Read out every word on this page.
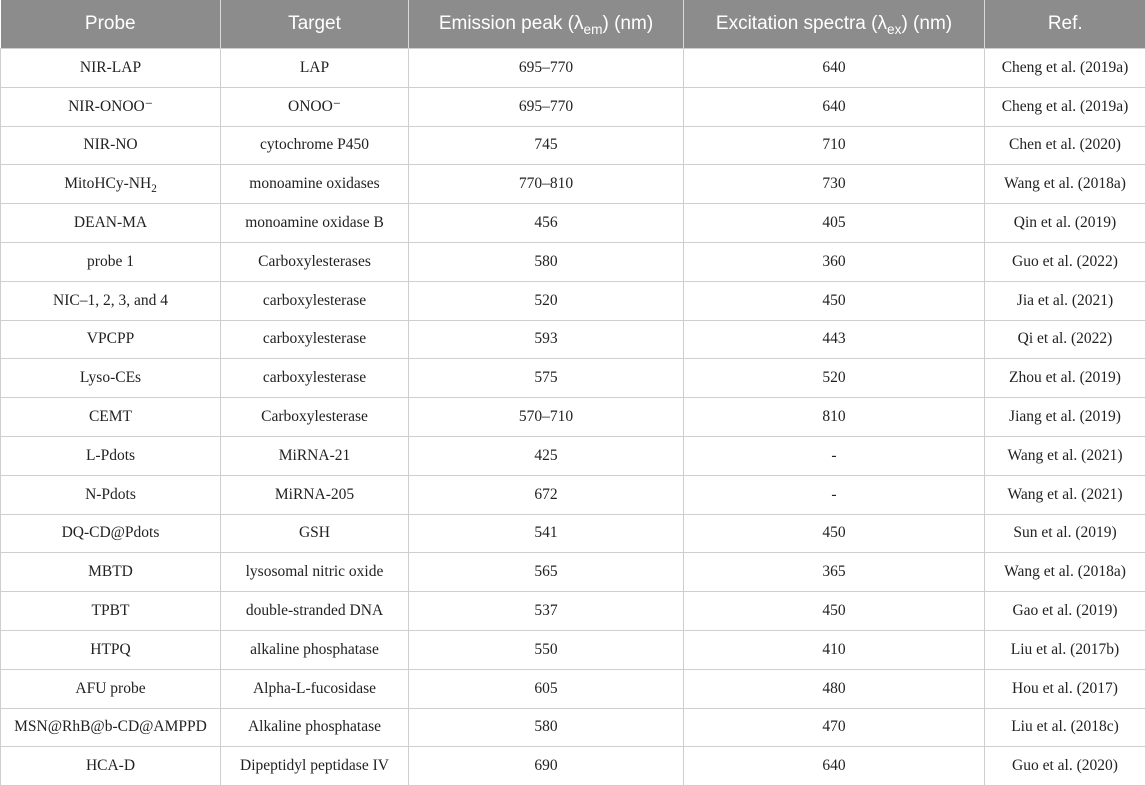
Probe	Target	Emission peak $(\lambda_{em})$ (nm)	Excitation spectra $(\lambda_{ex})$ (nm)	Ref.
NIR-LAP	LAP	695–770	640	Cheng et al. (2019a)
NIR-ONOO⁻	ONOO⁻	695–770	640	Cheng et al. (2019a)
NIR-NO	cytochrome P450	745	710	Chen et al. (2020)
MitoHCy-$NH_2$	monoamine oxidases	770–810	730	Wang et al. (2018a)
DEAN-MA	monoamine oxidase B	456	405	Qin et al. (2019)
probe 1	Carboxylesterases	580	360	Guo et al. (2022)
NIC–1, 2, 3, and 4	carboxylesterase	520	450	Jia et al. (2021)
VPCPP	carboxylesterase	593	443	Qi et al. (2022)
Lyso-CEs	carboxylesterase	575	520	Zhou et al. (2019)
CEMT	Carboxylesterase	570–710	810	Jiang et al. (2019)
L-Pdots	MiRNA-21	425	-	Wang et al. (2021)
N-Pdots	MiRNA-205	672	-	Wang et al. (2021)
DQ-CD@Pdots	GSH	541	450	Sun et al. (2019)
MBTD	lysosomal nitric oxide	565	365	Wang et al. (2018a)
TPBT	double-stranded DNA	537	450	Gao et al. (2019)
HTPQ	alkaline phosphatase	550	410	Liu et al. (2017b)
AFU probe	Alpha-L-fucosidase	605	480	Hou et al. (2017)
MSN@RhB@b-CD@AMPPD	Alkaline phosphatase	580	470	Liu et al. (2018c)
HCA-D	Dipeptidyl peptidase IV	690	640	Guo et al. (2020)
